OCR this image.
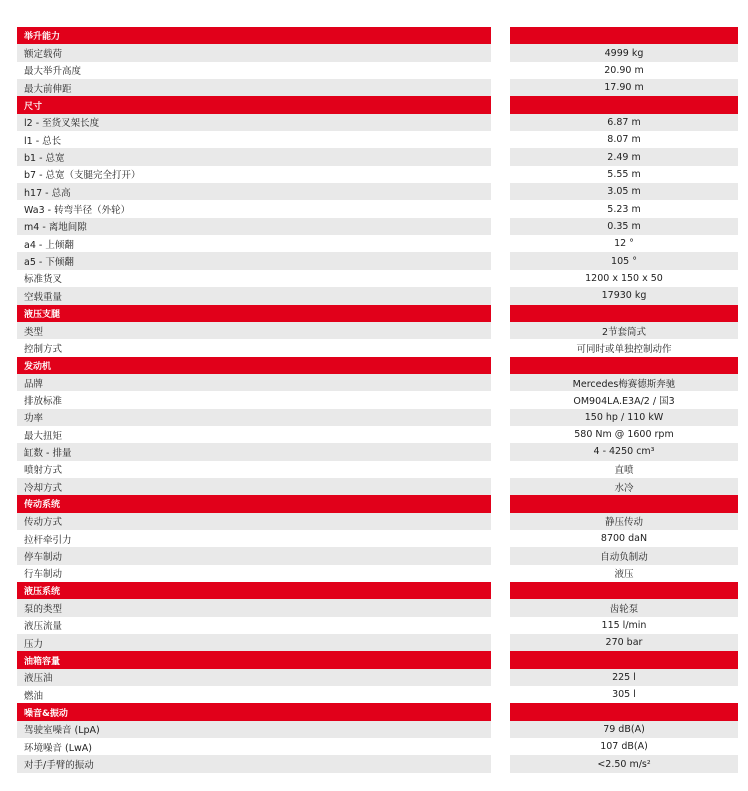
举升能力
额定载荷	4999 kg
最大举升高度	20.90 m
最大前伸距	17.90 m
尺寸
l2 - 至货叉架长度	6.87 m
l1 - 总长	8.07 m
b1 - 总宽	2.49 m
b7 - 总宽（支腿完全打开）	5.55 m
h17 - 总高	3.05 m
Wa3 - 转弯半径（外轮）	5.23 m
m4 - 离地间隙	0.35 m
a4 - 上倾翻	12 °
a5 - 下倾翻	105 °
标准货叉	1200 x 150 x 50
空载重量	17930 kg
液压支腿
类型	2节套筒式
控制方式	可同时或单独控制动作
发动机
品牌	Mercedes梅赛德斯奔驰
排放标准	OM904LA.E3A/2 / 国3
功率	150 hp / 110 kW
最大扭矩	580 Nm @ 1600 rpm
缸数 - 排量	4 - 4250 cm³
喷射方式	直喷
冷却方式	水冷
传动系统
传动方式	静压传动
拉杆牵引力	8700 daN
停车制动	自动负制动
行车制动	液压
液压系统
泵的类型	齿轮泵
液压流量	115 l/min
压力	270 bar
油箱容量
液压油	225 l
燃油	305 l
噪音&振动
驾驶室噪音 (LpA)	79 dB(A)
环境噪音 (LwA)	107 dB(A)
对手/手臂的振动	<2.50 m/s²
